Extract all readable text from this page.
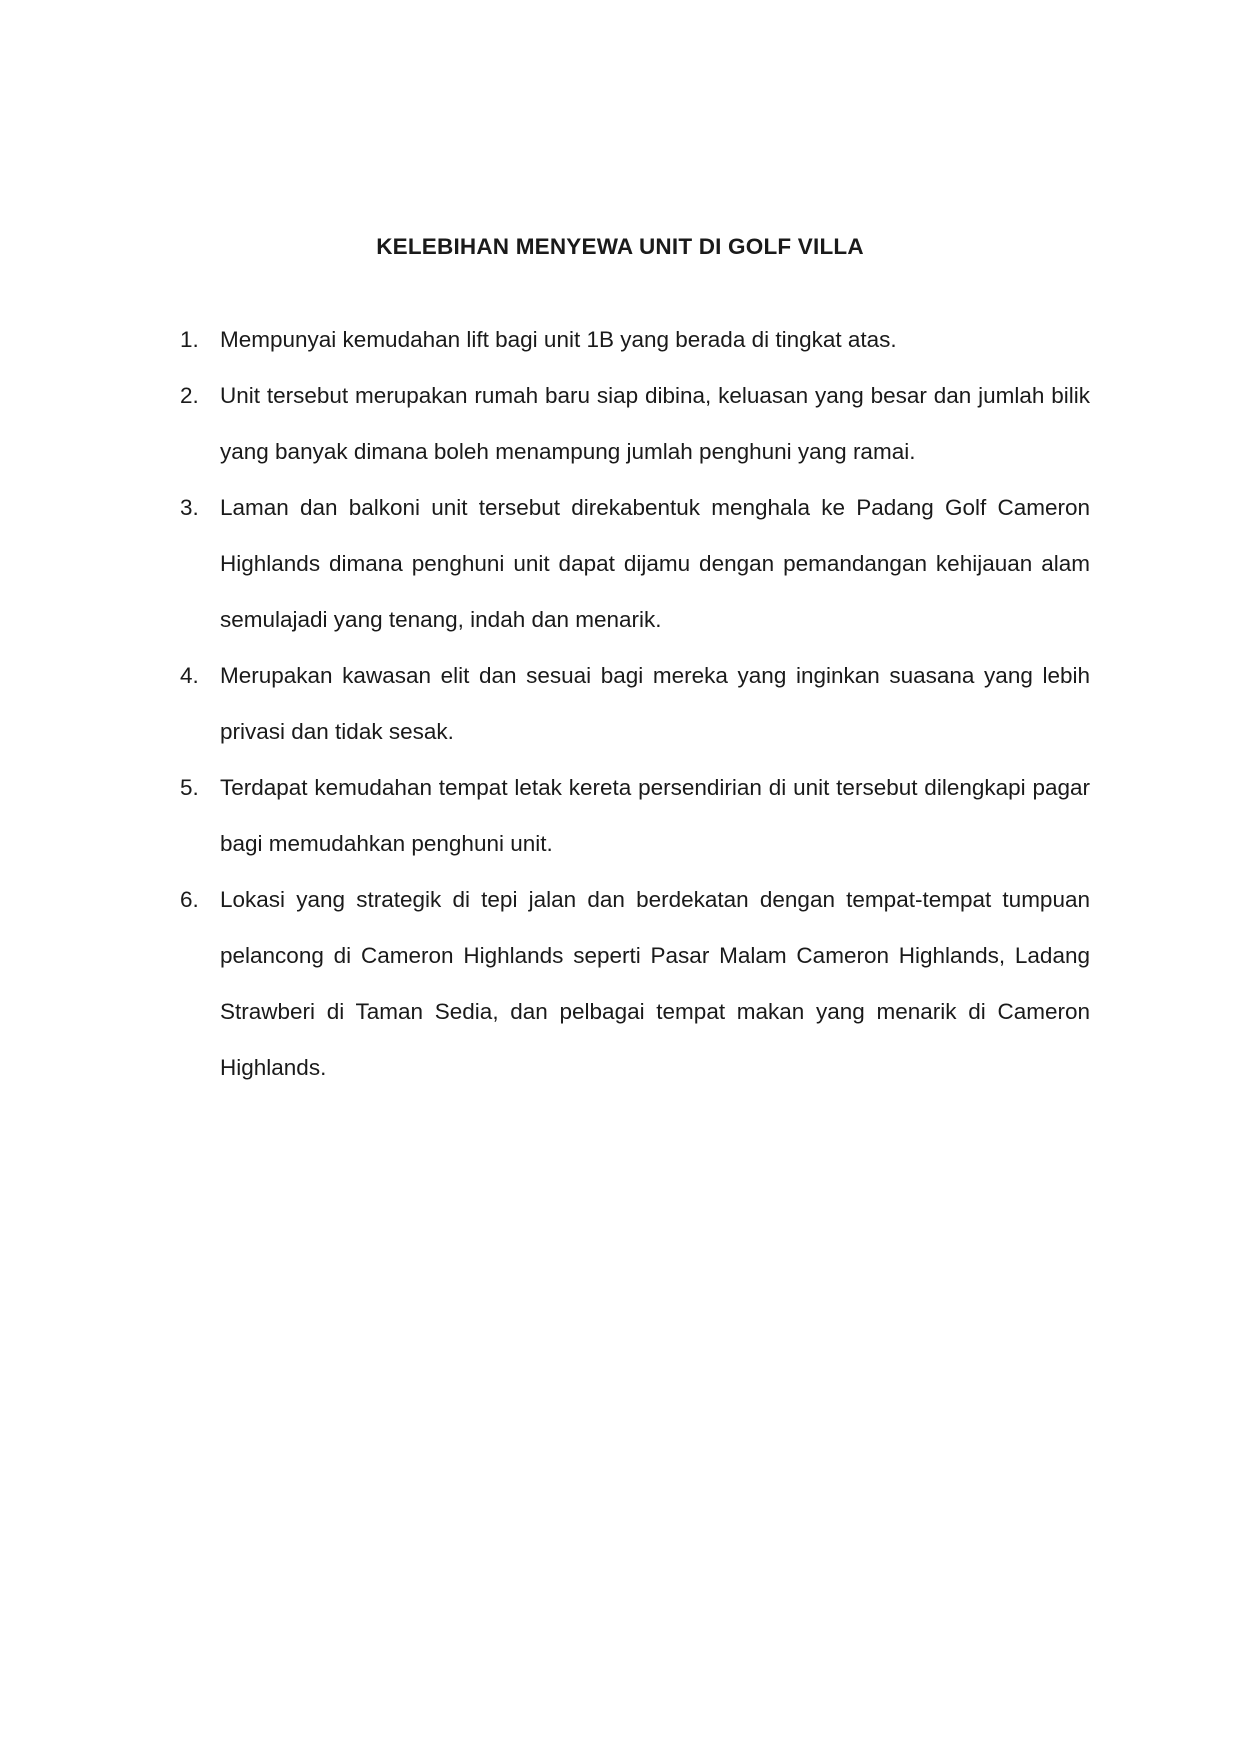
KELEBIHAN MENYEWA UNIT DI GOLF VILLA
1. Mempunyai kemudahan lift bagi unit 1B yang berada di tingkat atas.
2. Unit tersebut merupakan rumah baru siap dibina, keluasan yang besar dan jumlah bilik yang banyak dimana boleh menampung jumlah penghuni yang ramai.
3. Laman dan balkoni unit tersebut direkabentuk menghala ke Padang Golf Cameron Highlands dimana penghuni unit dapat dijamu dengan pemandangan kehijauan alam semulajadi yang tenang, indah dan menarik.
4. Merupakan kawasan elit dan sesuai bagi mereka yang inginkan suasana yang lebih privasi dan tidak sesak.
5. Terdapat kemudahan tempat letak kereta persendirian di unit tersebut dilengkapi pagar bagi memudahkan penghuni unit.
6. Lokasi yang strategik di tepi jalan dan berdekatan dengan tempat-tempat tumpuan pelancong di Cameron Highlands seperti Pasar Malam Cameron Highlands, Ladang Strawberi di Taman Sedia, dan pelbagai tempat makan yang menarik di Cameron Highlands.
